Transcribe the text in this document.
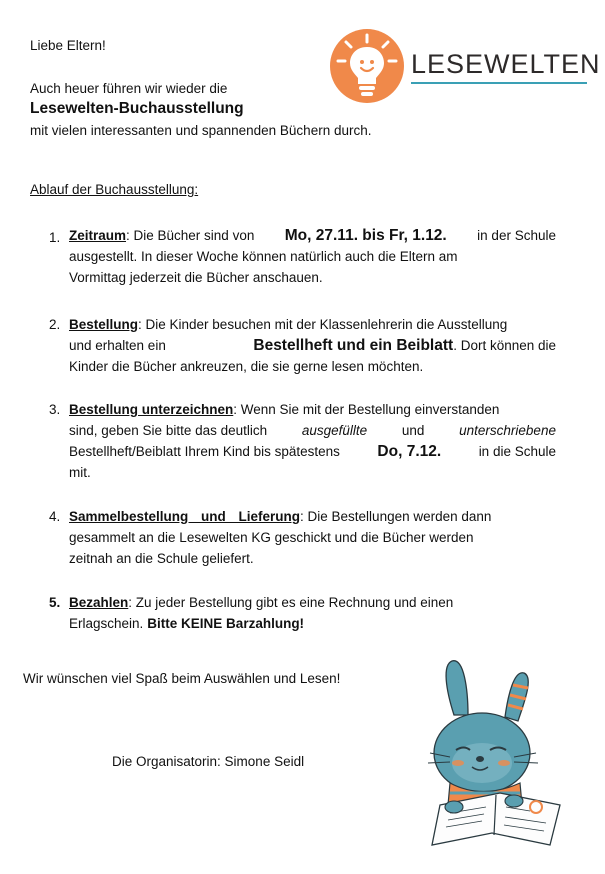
Liebe Eltern!
Auch heuer führen wir wieder die
Lesewelten-Buchausstellung
mit vielen interessanten und spannenden Büchern durch.
LESEWELTEN
Ablauf der Buchausstellung:
1. Zeitraum: Die Bücher sind von Mo, 27.11. bis Fr, 1.12. in der Schule
ausgestellt. In dieser Woche können natürlich auch die Eltern am
Vormittag jederzeit die Bücher anschauen.
2. Bestellung: Die Kinder besuchen mit der Klassenlehrerin die Ausstellung
und erhalten ein	Bestellheft und ein Beiblatt. Dort können die
Kinder die Bücher ankreuzen, die sie gerne lesen möchten.
3. Bestellung unterzeichnen: Wenn Sie mit der Bestellung einverstanden
sind, geben Sie bitte das deutlich	ausgefüllte	und	unterschriebene
Bestellheft/Beiblatt Ihrem Kind bis spätestens Do, 7.12.	in die Schule
mit.
4. Sammelbestellung und Lieferung: Die Bestellungen werden dann
gesammelt an die Lesewelten KG geschickt und die Bücher werden
zeitnah an die Schule geliefert.
5. Bezahlen: Zu jeder Bestellung gibt es eine Rechnung und einen
Erlagschein. Bitte KEINE Barzahlung!
Wir wünschen viel Spaß beim Auswählen und Lesen!
Die Organisatorin: Simone Seidl
